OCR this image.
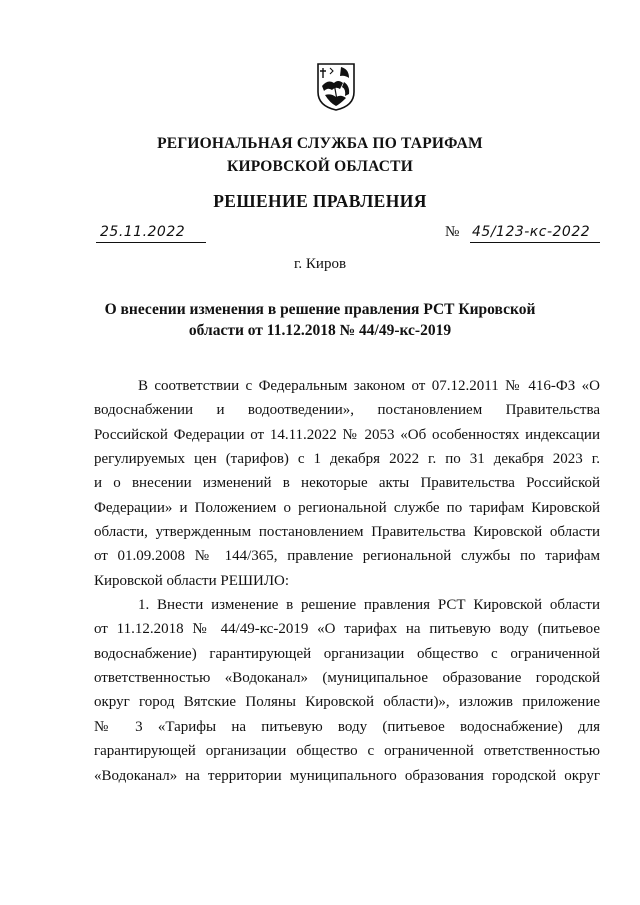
РЕГИОНАЛЬНАЯ СЛУЖБА ПО ТАРИФАМ
КИРОВСКОЙ ОБЛАСТИ
РЕШЕНИЕ ПРАВЛЕНИЯ
25.11.2022	№ 45/123-кс-2022
г. Киров
О внесении изменения в решение правления РСТ Кировской
области от 11.12.2018 № 44/49-кс-2019
В соответствии с Федеральным законом от 07.12.2011 № 416-ФЗ «О
водоснабжении и водоотведении», постановлением Правительства
Российской Федерации от 14.11.2022 № 2053 «Об особенностях индексации
регулируемых цен (тарифов) с 1 декабря 2022 г. по 31 декабря 2023 г.
и о внесении изменений в некоторые акты Правительства Российской
Федерации» и Положением о региональной службе по тарифам Кировской
области, утвержденным постановлением Правительства Кировской области
от 01.09.2008 № 144/365, правление региональной службы по тарифам
Кировской области РЕШИЛО:
1. Внести изменение в решение правления РСТ Кировской области
от 11.12.2018 № 44/49-кс-2019 «О тарифах на питьевую воду (питьевое
водоснабжение) гарантирующей организации общество с ограниченной
ответственностью «Водоканал» (муниципальное образование городской
округ город Вятские Поляны Кировской области)», изложив приложение
№ 3 «Тарифы на питьевую воду (питьевое водоснабжение) для
гарантирующей организации общество с ограниченной ответственностью
«Водоканал» на территории муниципального образования городской округ
